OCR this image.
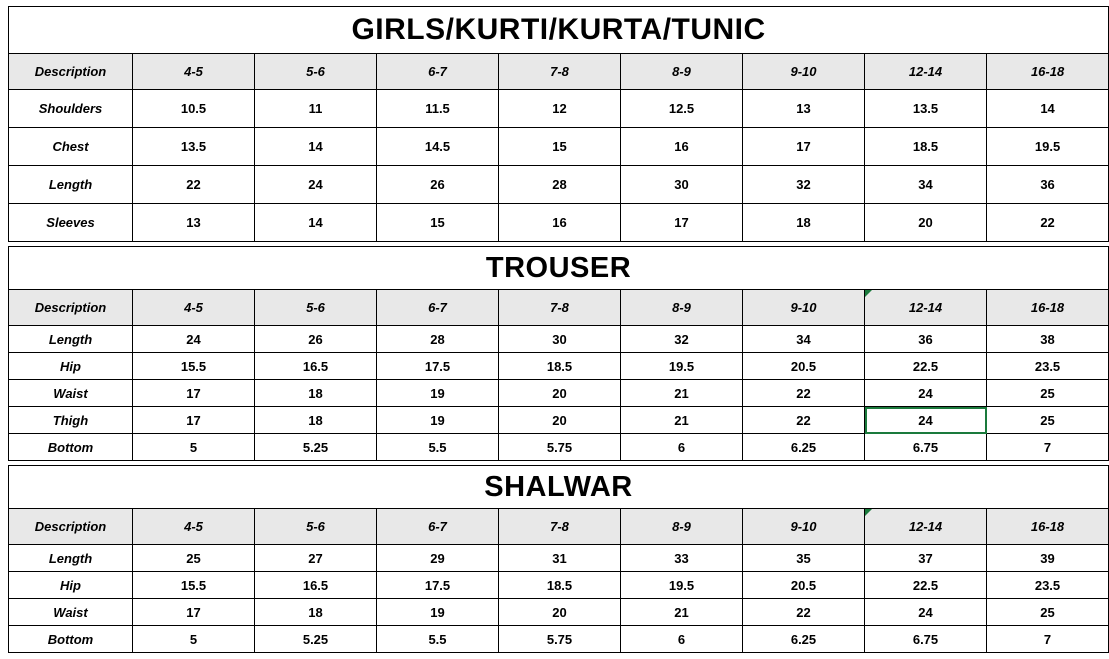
GIRLS/KURTI/KURTA/TUNIC								
Description	4-5	5-6	6-7	7-8	8-9	9-10	12-14	16-18
Shoulders	10.5	11	11.5	12	12.5	13	13.5	14
Chest	13.5	14	14.5	15	16	17	18.5	19.5
Length	22	24	26	28	30	32	34	36
Sleeves	13	14	15	16	17	18	20	22
TROUSER								
Description	4-5	5-6	6-7	7-8	8-9	9-10	12-14	16-18
Length	24	26	28	30	32	34	36	38
Hip	15.5	16.5	17.5	18.5	19.5	20.5	22.5	23.5
Waist	17	18	19	20	21	22	24	25
Thigh	17	18	19	20	21	22	24	25
Bottom	5	5.25	5.5	5.75	6	6.25	6.75	7
SHALWAR								
Description	4-5	5-6	6-7	7-8	8-9	9-10	12-14	16-18
Length	25	27	29	31	33	35	37	39
Hip	15.5	16.5	17.5	18.5	19.5	20.5	22.5	23.5
Waist	17	18	19	20	21	22	24	25
Bottom	5	5.25	5.5	5.75	6	6.25	6.75	7
